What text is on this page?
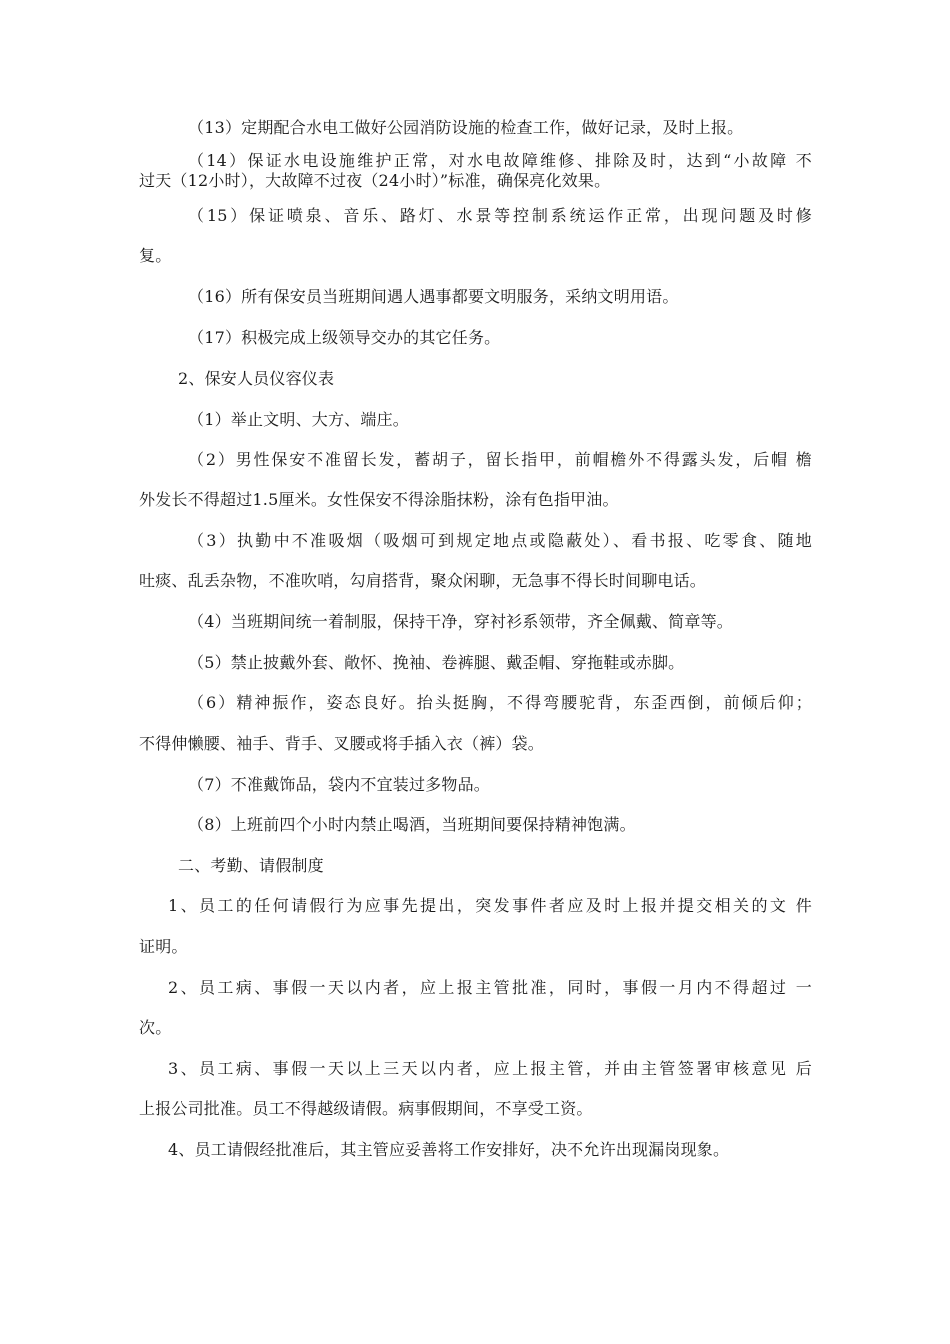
（13）定期配合水电工做好公园消防设施的检查工作，做好记录，及时上报。
（14）保证水电设施维护正常，对水电故障维修、排除及时，达到“小故障 不
过天（12小时），大故障不过夜（24小时）”标准，确保亮化效果。
（15）保证喷泉、音乐、路灯、水景等控制系统运作正常，出现问题及时修
复。
（16）所有保安员当班期间遇人遇事都要文明服务，采纳文明用语。
（17）积极完成上级领导交办的其它任务。
2、保安人员仪容仪表
（1）举止文明、大方、端庄。
（2）男性保安不准留长发，蓄胡子，留长指甲，前帽檐外不得露头发，后帽 檐
外发长不得超过1.5厘米。女性保安不得涂脂抹粉，涂有色指甲油。
（3）执勤中不准吸烟（吸烟可到规定地点或隐蔽处）、看书报、吃零食、随地
吐痰、乱丢杂物，不准吹哨，勾肩搭背，聚众闲聊，无急事不得长时间聊电话。
（4）当班期间统一着制服，保持干净，穿衬衫系领带，齐全佩戴、简章等。
（5）禁止披戴外套、敞怀、挽袖、卷裤腿、戴歪帽、穿拖鞋或赤脚。
（6）精神振作，姿态良好。抬头挺胸，不得弯腰驼背，东歪西倒，前倾后仰；
不得伸懒腰、袖手、背手、叉腰或将手插入衣（裤）袋。
（7）不准戴饰品，袋内不宜装过多物品。
（8）上班前四个小时内禁止喝酒，当班期间要保持精神饱满。
二、考勤、请假制度
1、员工的任何请假行为应事先提出，突发事件者应及时上报并提交相关的文 件
证明。
2、员工病、事假一天以内者，应上报主管批准，同时，事假一月内不得超过 一
次。
3、员工病、事假一天以上三天以内者，应上报主管，并由主管签署审核意见 后
上报公司批准。员工不得越级请假。病事假期间，不享受工资。
4、员工请假经批准后，其主管应妥善将工作安排好，决不允许出现漏岗现象。
